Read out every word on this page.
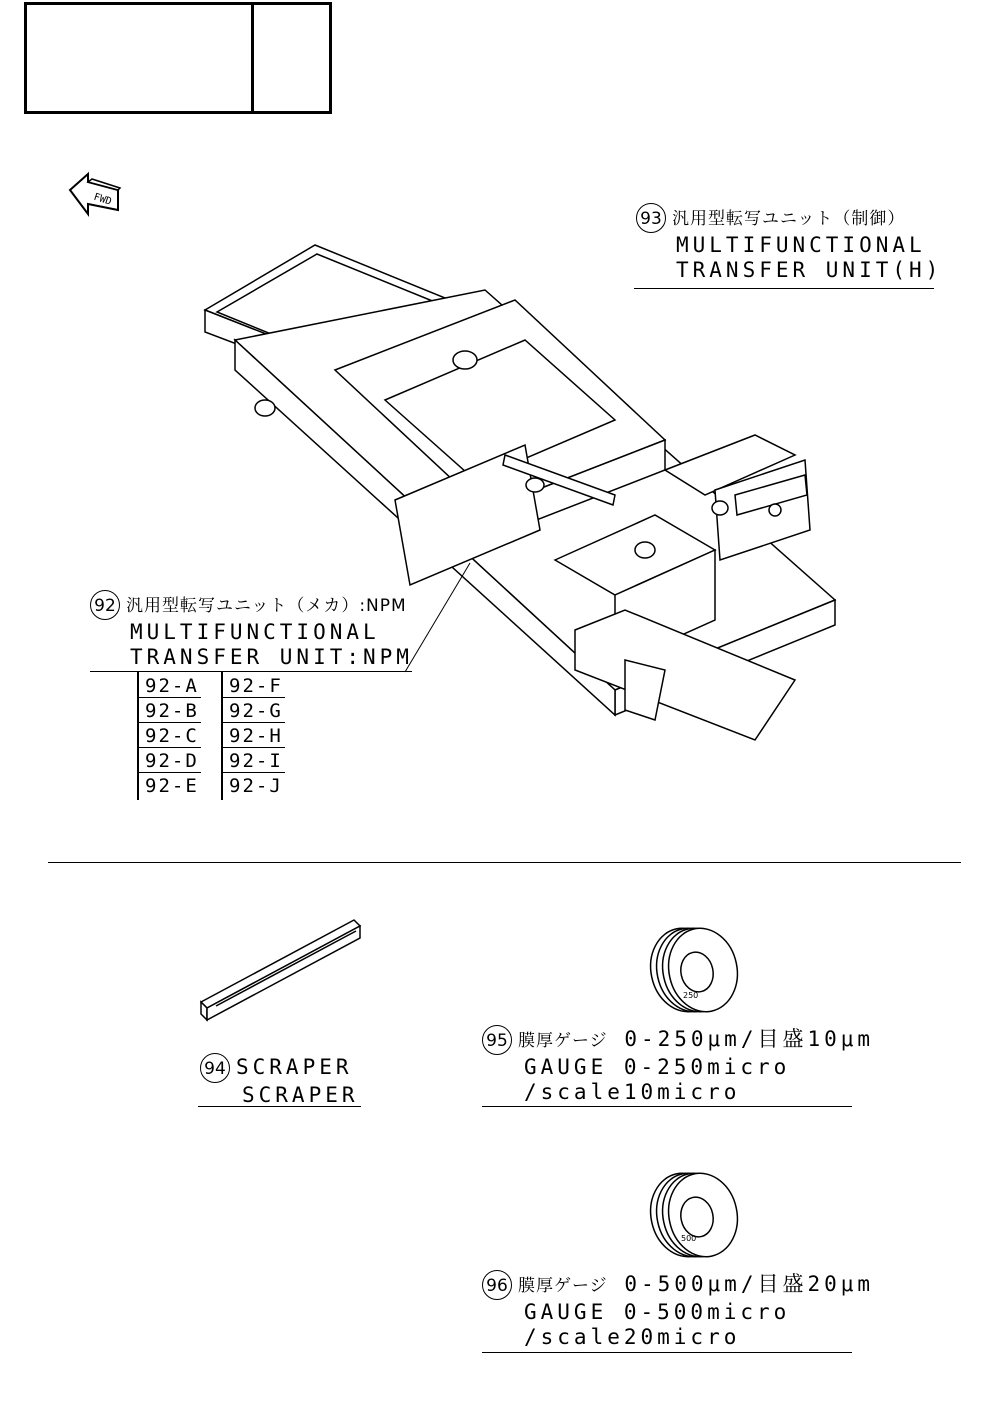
FWD
93 汎用型転写ユニット（制御）
MULTIFUNCTIONAL
TRANSFER UNIT(H)
92 汎用型転写ユニット（メカ）:NPM
MULTIFUNCTIONAL
TRANSFER UNIT:NPM
92-A
92-B
92-C
92-D
92-E
92-F
92-G
92-H
92-I
92-J
94 SCRAPER
SCRAPER
250
95 膜厚ゲージ 0-250μm/目盛10μm
GAUGE 0-250micro
/scale10micro
500
96 膜厚ゲージ 0-500μm/目盛20μm
GAUGE 0-500micro
/scale20micro
